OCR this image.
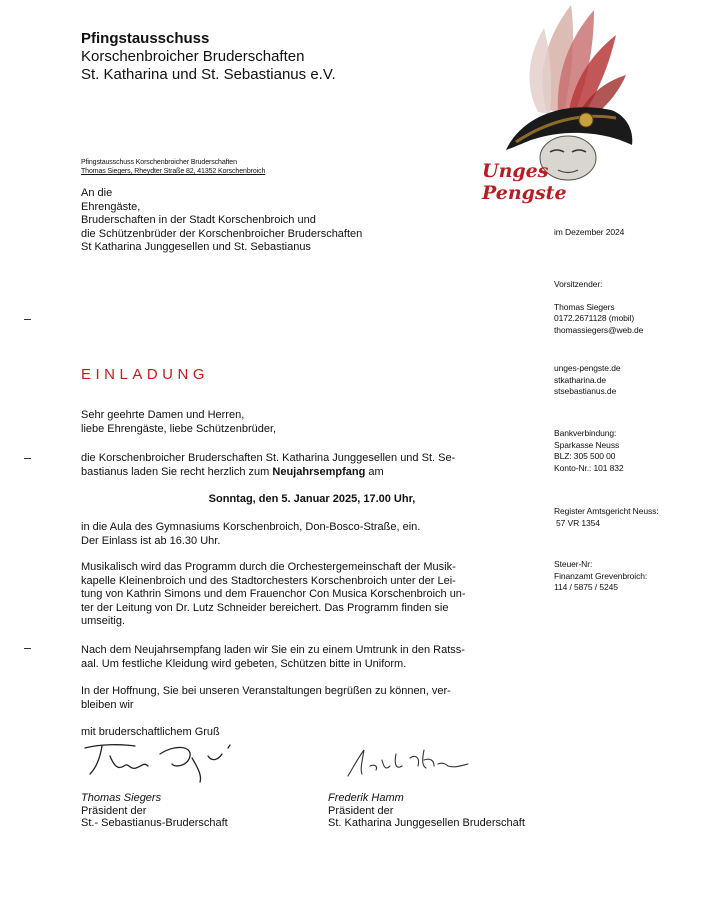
Pfingstausschuss
Korschenbroicher Bruderschaften
St. Katharina und St. Sebastianus e.V.
Unges
Pengste
Pfingstausschuss Korschenbroicher Bruderschaften
Thomas Siegers, Rheydter Straße 82, 41352 Korschenbroich
An die
Ehrengäste,
Bruderschaften in der Stadt Korschenbroich und
die Schützenbrüder der Korschenbroicher Bruderschaften
St Katharina Junggesellen und St. Sebastianus
im Dezember 2024
Vorsitzender:
Thomas Siegers
0172.2671128 (mobil)
thomassiegers@web.de
unges-pengste.de
stkatharina.de
stsebastianus.de
Bankverbindung:
Sparkasse Neuss
BLZ: 305 500 00
Konto-Nr.: 101 832
Register Amtsgericht Neuss:
57 VR 1354
Steuer-Nr:
Finanzamt Grevenbroich:
114 / 5875 / 5245
EINLADUNG
Sehr geehrte Damen und Herren,
liebe Ehrengäste, liebe Schützenbrüder,
die Korschenbroicher Bruderschaften St. Katharina Junggesellen und St. Se-
bastianus laden Sie recht herzlich zum Neujahrsempfang am
Sonntag, den 5. Januar 2025, 17.00 Uhr,
in die Aula des Gymnasiums Korschenbroich, Don-Bosco-Straße, ein.
Der Einlass ist ab 16.30 Uhr.
Musikalisch wird das Programm durch die Orchestergemeinschaft der Musik-
kapelle Kleinenbroich und des Stadtorchesters Korschenbroich unter der Lei-
tung von Kathrin Simons und dem Frauenchor Con Musica Korschenbroich un-
ter der Leitung von Dr. Lutz Schneider bereichert. Das Programm finden sie
umseitig.
Nach dem Neujahrsempfang laden wir Sie ein zu einem Umtrunk in den Ratss-
aal. Um festliche Kleidung wird gebeten, Schützen bitte in Uniform.
In der Hoffnung, Sie bei unseren Veranstaltungen begrüßen zu können, ver-
bleiben wir
mit bruderschaftlichem Gruß
Thomas Siegers
Präsident der
St.- Sebastianus-Bruderschaft
Frederik Hamm
Präsident der
St. Katharina Junggesellen Bruderschaft
